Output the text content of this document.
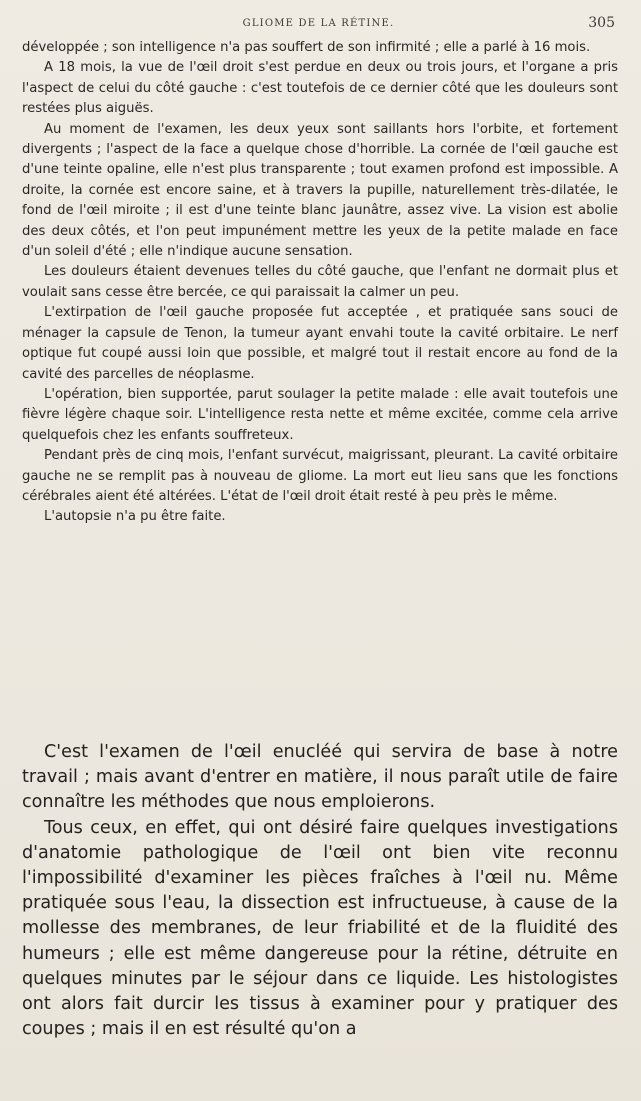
GLIOME DE LA RÉTINE.	305

développée ; son intelligence n'a pas souffert de son infirmité ; elle a parlé à 16 mois.

A 18 mois, la vue de l'œil droit s'est perdue en deux ou trois jours, et l'organe a pris l'aspect de celui du côté gauche : c'est toutefois de ce dernier côté que les douleurs sont restées plus aiguës.

Au moment de l'examen, les deux yeux sont saillants hors l'orbite, et fortement divergents ; l'aspect de la face a quelque chose d'horrible. La cornée de l'œil gauche est d'une teinte opaline, elle n'est plus transparente ; tout examen profond est impossible. A droite, la cornée est encore saine, et à travers la pupille, naturellement très-dilatée, le fond de l'œil miroite ; il est d'une teinte blanc jaunâtre, assez vive. La vision est abolie des deux côtés, et l'on peut impunément mettre les yeux de la petite malade en face d'un soleil d'été ; elle n'indique aucune sensation.

Les douleurs étaient devenues telles du côté gauche, que l'enfant ne dormait plus et voulait sans cesse être bercée, ce qui paraissait la calmer un peu.

L'extirpation de l'œil gauche proposée fut acceptée , et pratiquée sans souci de ménager la capsule de Tenon, la tumeur ayant envahi toute la cavité orbitaire. Le nerf optique fut coupé aussi loin que possible, et malgré tout il restait encore au fond de la cavité des parcelles de néoplasme.

L'opération, bien supportée, parut soulager la petite malade : elle avait toutefois une fièvre légère chaque soir. L'intelligence resta nette et même excitée, comme cela arrive quelquefois chez les enfants souffreteux.

Pendant près de cinq mois, l'enfant survécut, maigrissant, pleurant. La cavité orbitaire gauche ne se remplit pas à nouveau de gliome. La mort eut lieu sans que les fonctions cérébrales aient été altérées. L'état de l'œil droit était resté à peu près le même.

L'autopsie n'a pu être faite.

C'est l'examen de l'œil enucléé qui servira de base à notre travail ; mais avant d'entrer en matière, il nous paraît utile de faire connaître les méthodes que nous emploierons.

Tous ceux, en effet, qui ont désiré faire quelques investigations d'anatomie pathologique de l'œil ont bien vite reconnu l'impossibilité d'examiner les pièces fraîches à l'œil nu. Même pratiquée sous l'eau, la dissection est infructueuse, à cause de la mollesse des membranes, de leur friabilité et de la fluidité des humeurs ; elle est même dangereuse pour la rétine, détruite en quelques minutes par le séjour dans ce liquide. Les histologistes ont alors fait durcir les tissus à examiner pour y pratiquer des coupes ; mais il en est résulté qu'on a
